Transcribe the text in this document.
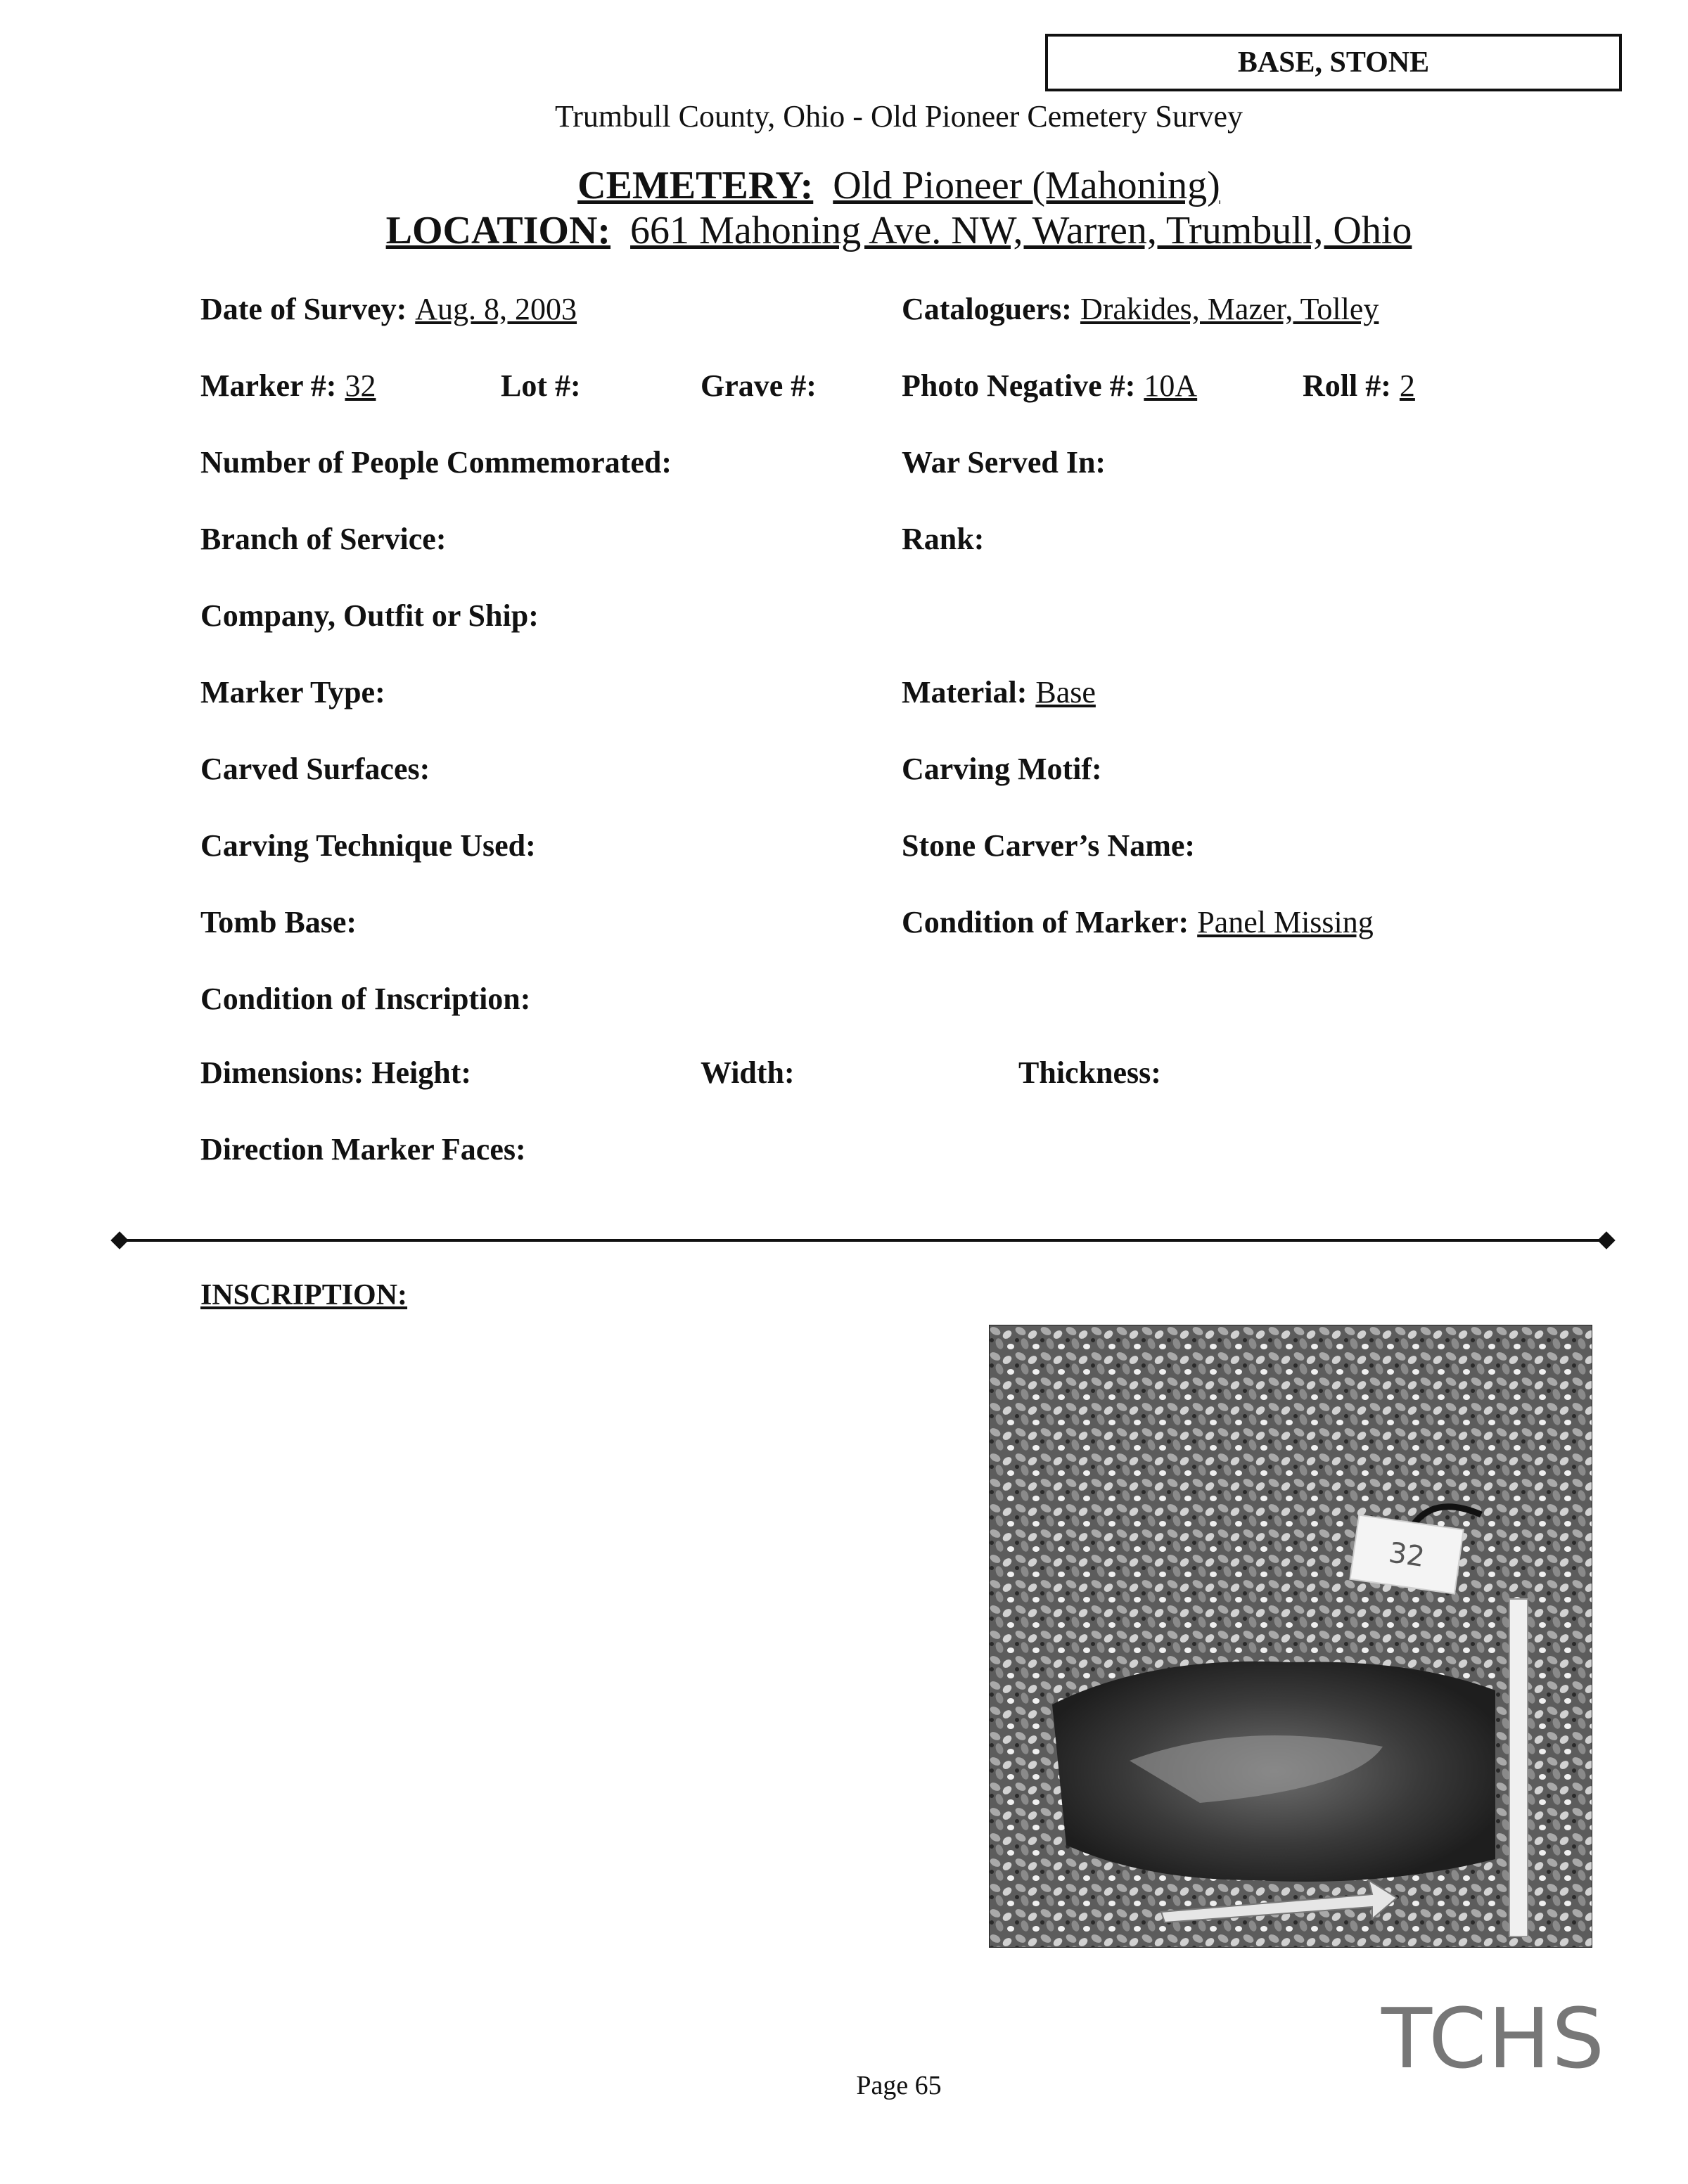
BASE, STONE
Trumbull County, Ohio - Old Pioneer Cemetery Survey
CEMETERY: Old Pioneer (Mahoning)
LOCATION: 661 Mahoning Ave. NW, Warren, Trumbull, Ohio
Date of Survey: Aug. 8, 2003	Cataloguers: Drakides, Mazer, Tolley
Marker #: 32	Lot #:	Grave #:	Photo Negative #: 10A	Roll #: 2
Number of People Commemorated:	War Served In:
Branch of Service:	Rank:
Company, Outfit or Ship:
Marker Type:	Material: Base
Carved Surfaces:	Carving Motif:
Carving Technique Used:	Stone Carver’s Name:
Tomb Base:	Condition of Marker: Panel Missing
Condition of Inscription:
Dimensions: Height:	Width:	Thickness:
Direction Marker Faces:
INSCRIPTION:
32
TCHS
Page 65
